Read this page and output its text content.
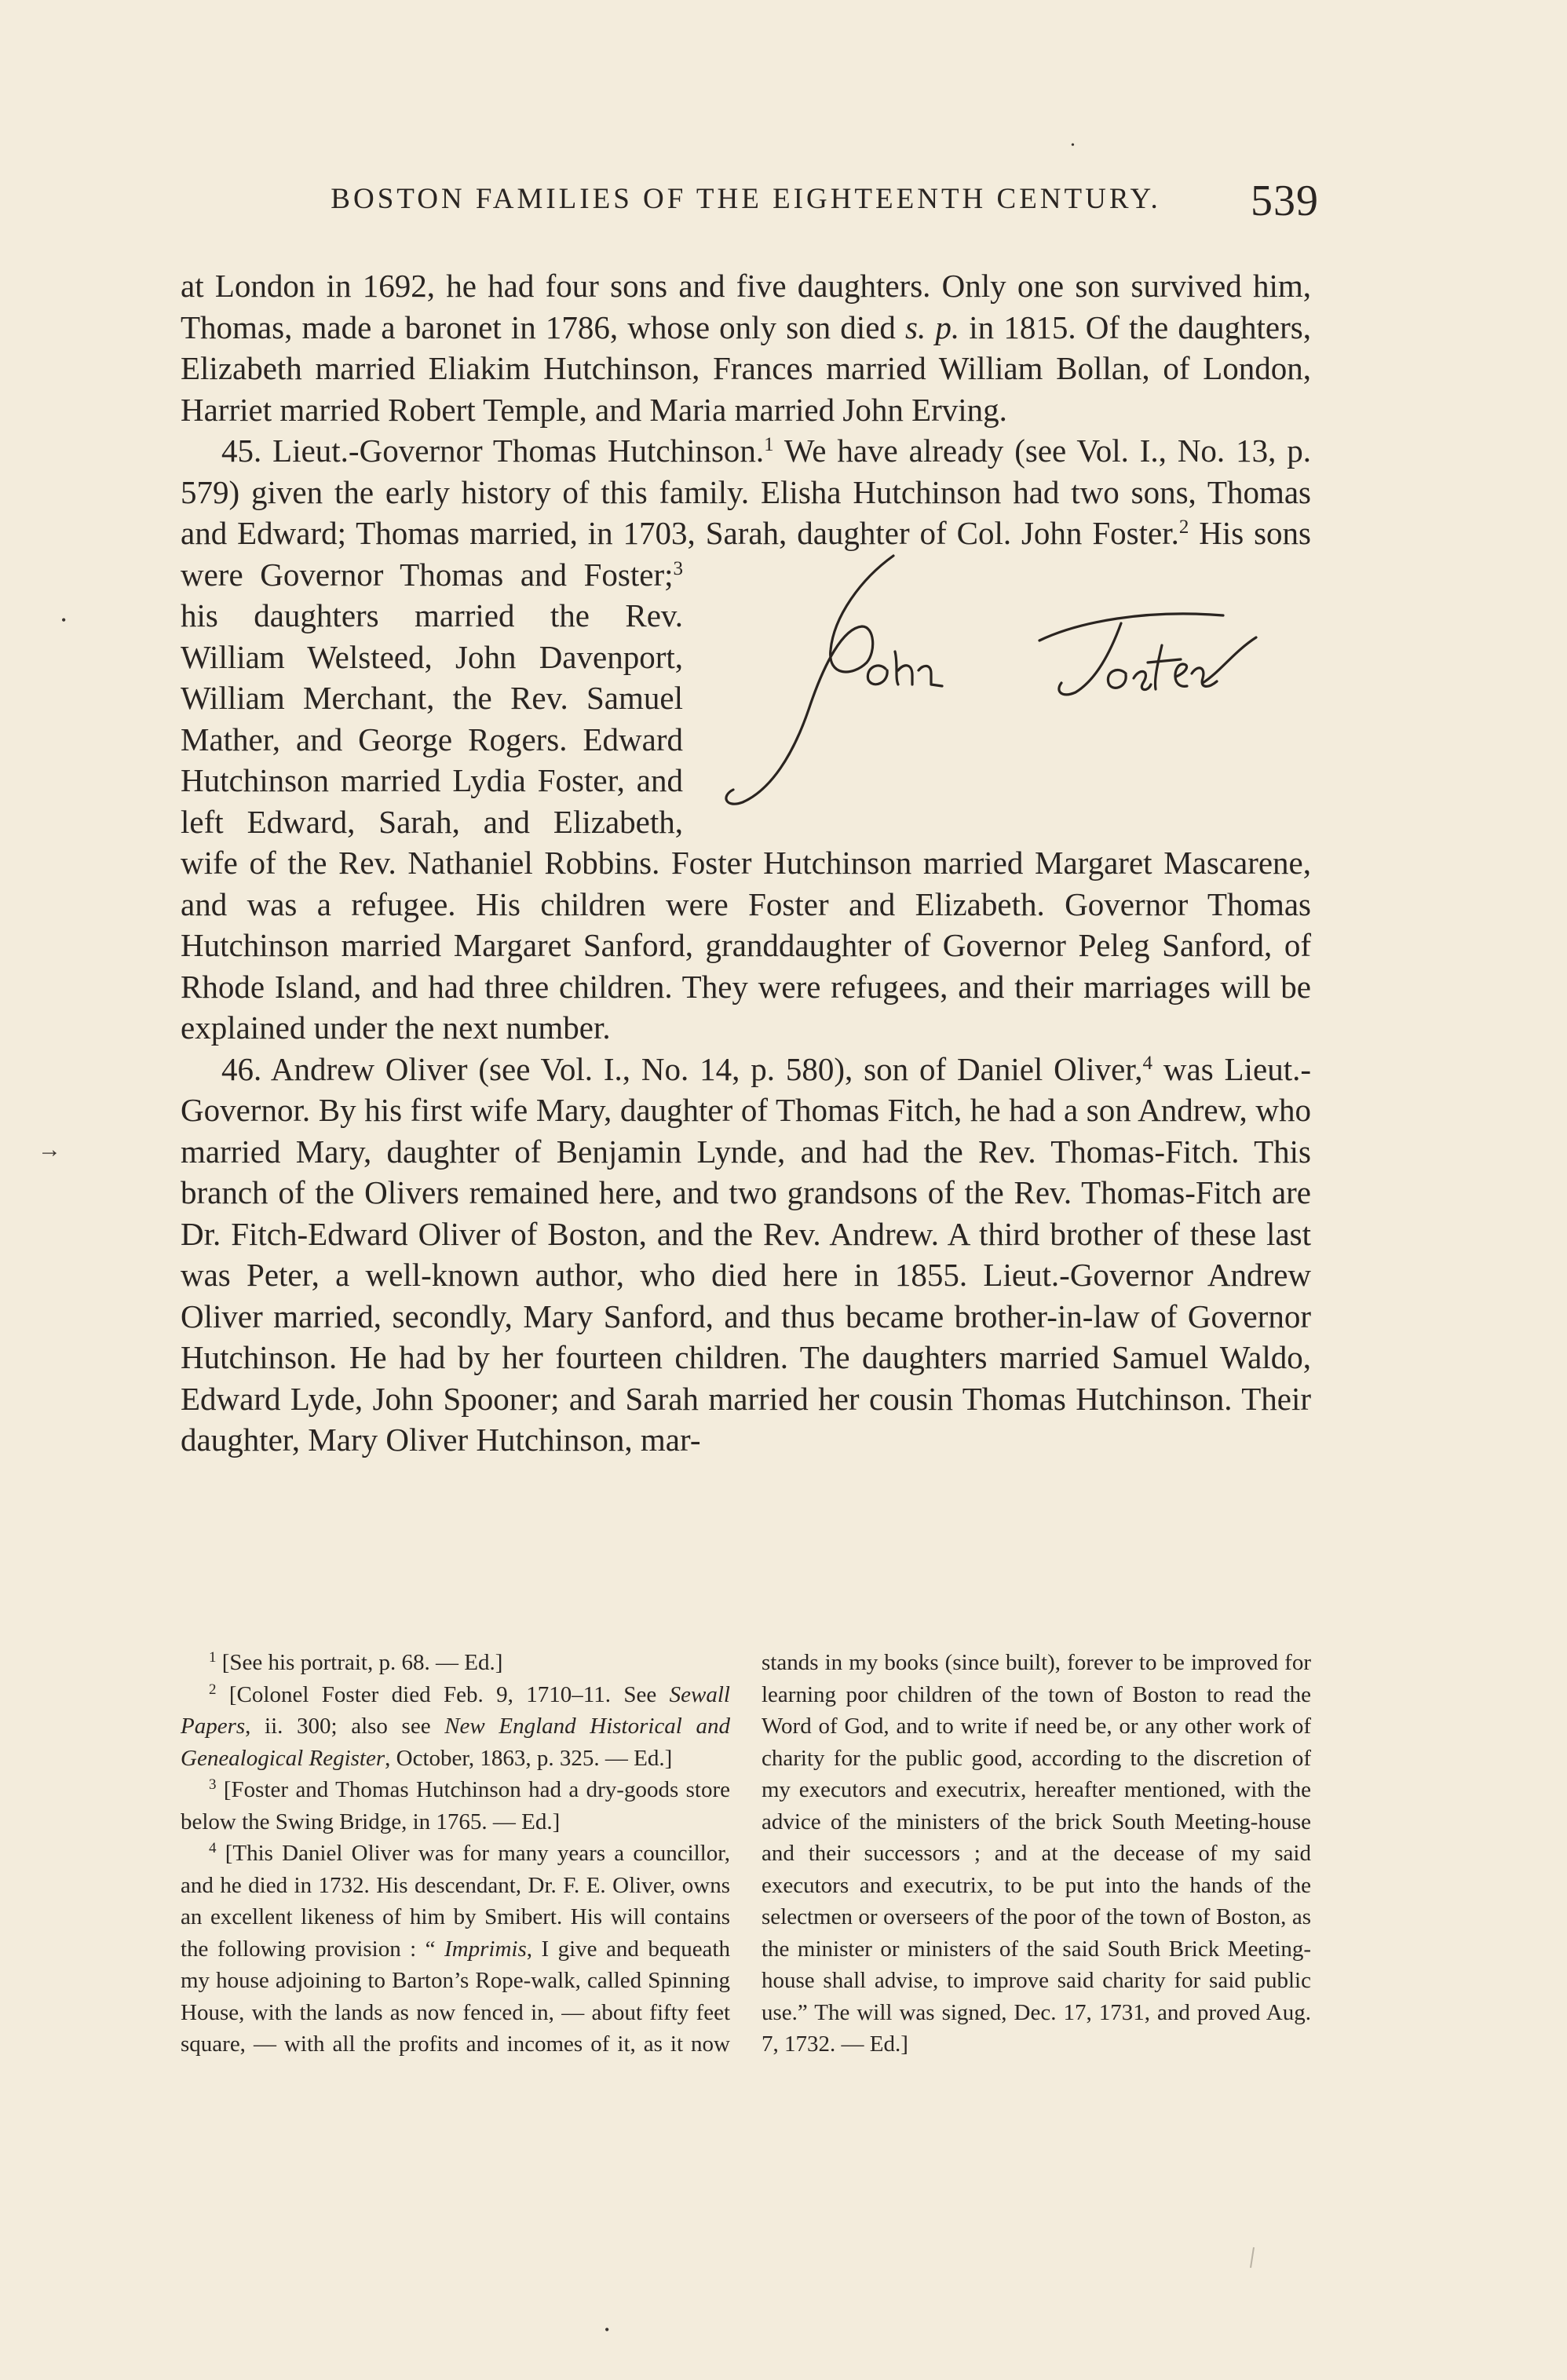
BOSTON FAMILIES OF THE EIGHTEENTH CENTURY.	539

at London in 1692, he had four sons and five daughters. Only one son survived him, Thomas, made a baronet in 1786, whose only son died s. p. in 1815. Of the daughters, Elizabeth married Eliakim Hutchinson, Frances married William Bollan, of London, Harriet married Robert Temple, and Maria married John Erving.

45. Lieut.-Governor Thomas Hutchinson.$^1$ We have already (see Vol. I., No. 13, p. 579) given the early history of this family. Elisha Hutchinson had two sons, Thomas and Edward; Thomas married, in 1703, Sarah, daughter of Col. John Foster.$^2$
His sons were Governor Thomas and Foster;$^3$ his daughters married the Rev. William Welsteed, John Davenport, William Merchant, the Rev. Samuel Mather, and George Rogers. Edward Hutchinson married Lydia Foster, and left Edward, Sarah, and Elizabeth, wife of the Rev. Nathaniel Robbins. Foster Hutchinson married Margaret Mascarene, and was a refugee. His children were Foster and Elizabeth. Governor Thomas Hutchinson married Margaret Sanford, granddaughter of Governor Peleg Sanford, of Rhode Island, and had three children. They were refugees, and their marriages will be explained under the next number.

46. Andrew Oliver (see Vol. I., No. 14, p. 580), son of Daniel Oliver,$^4$ was Lieut.-Governor. By his first wife Mary, daughter of Thomas Fitch, he had a son Andrew, who married Mary, daughter of Benjamin Lynde, and had the Rev. Thomas-Fitch. This branch of the Olivers remained here, and two grandsons of the Rev. Thomas-Fitch are Dr. Fitch-Edward Oliver of Boston, and the Rev. Andrew. A third brother of these last was Peter, a well-known author, who died here in 1855. Lieut.-Governor Andrew Oliver married, secondly, Mary Sanford, and thus became brother-in-law of Governor Hutchinson. He had by her fourteen children. The daughters married Samuel Waldo, Edward Lyde, John Spooner; and Sarah married her cousin Thomas Hutchinson. Their daughter, Mary Oliver Hutchinson, mar-

$^1$ [See his portrait, p. 68. — Ed.]

$^2$ [Colonel Foster died Feb. 9, 1710–11. See Sewall Papers, ii. 300; also see New England Historical and Genealogical Register, October, 1863, p. 325. — Ed.]

$^3$ [Foster and Thomas Hutchinson had a dry-goods store below the Swing Bridge, in 1765. — Ed.]

$^4$ [This Daniel Oliver was for many years a councillor, and he died in 1732. His descendant, Dr. F. E. Oliver, owns an excellent likeness of him by Smibert. His will contains the following provision : “ Imprimis, I give and bequeath my house adjoining to Barton’s Rope-walk, called Spinning House, with the lands as now fenced in, — about fifty feet square, — with all the profits and incomes of it, as it now stands in my books (since built), forever to be improved for learning poor children of the town of Boston to read the Word of God, and to write if need be, or any other work of charity for the public good, according to the discretion of my executors and executrix, hereafter mentioned, with the advice of the ministers of the brick South Meeting-house and their successors ; and at the decease of my said executors and executrix, to be put into the hands of the selectmen or overseers of the poor of the town of Boston, as the minister or ministers of the said South Brick Meeting-house shall advise, to improve said charity for said public use.” The will was signed, Dec. 17, 1731, and proved Aug. 7, 1732. — Ed.]

•
•
•
→
